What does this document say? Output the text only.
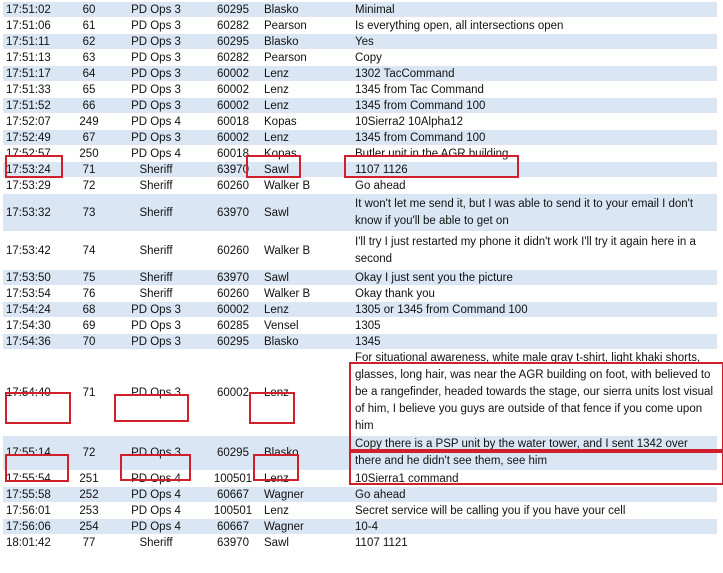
17:51:02	60	PD Ops 3	60295	Blasko	Minimal
17:51:06	61	PD Ops 3	60282	Pearson	Is everything open, all intersections open
17:51:11	62	PD Ops 3	60295	Blasko	Yes
17:51:13	63	PD Ops 3	60282	Pearson	Copy
17:51:17	64	PD Ops 3	60002	Lenz	1302 TacCommand
17:51:33	65	PD Ops 3	60002	Lenz	1345 from Tac Command
17:51:52	66	PD Ops 3	60002	Lenz	1345 from Command 100
17:52:07	249	PD Ops 4	60018	Kopas	10Sierra2 10Alpha12
17:52:49	67	PD Ops 3	60002	Lenz	1345 from Command 100
17:52:57	250	PD Ops 4	60018	Kopas	Butler unit in the AGR building
17:53:24	71	Sheriff	63970	Sawl	1107 1126
17:53:29	72	Sheriff	60260	Walker B	Go ahead
17:53:32	73	Sheriff	63970	Sawl	It won't let me send it, but I was able to send it to your email I don't know if you'll be able to get on
17:53:42	74	Sheriff	60260	Walker B	I'll try I just restarted my phone it didn't work I'll try it again here in a second
17:53:50	75	Sheriff	63970	Sawl	Okay I just sent you the picture
17:53:54	76	Sheriff	60260	Walker B	Okay thank you
17:54:24	68	PD Ops 3	60002	Lenz	1305 or 1345 from Command 100
17:54:30	69	PD Ops 3	60285	Vensel	1305
17:54:36	70	PD Ops 3	60295	Blasko	1345
17:54:40	71	PD Ops 3	60002	Lenz	For situational awareness, white male gray t-shirt, light khaki shorts, glasses, long hair, was near the AGR building on foot, with believed to be a rangefinder, headed towards the stage, our sierra units lost visual of him, I believe you guys are outside of that fence if you come upon him
17:55:14	72	PD Ops 3	60295	Blasko	Copy there is a PSP unit by the water tower, and I sent 1342 over there and he didn't see them, see him
17:55:54	251	PD Ops 4	100501	Lenz	10Sierra1 command
17:55:58	252	PD Ops 4	60667	Wagner	Go ahead
17:56:01	253	PD Ops 4	100501	Lenz	Secret service will be calling you if you have your cell
17:56:06	254	PD Ops 4	60667	Wagner	10-4
18:01:42	77	Sheriff	63970	Sawl	1107 1121
